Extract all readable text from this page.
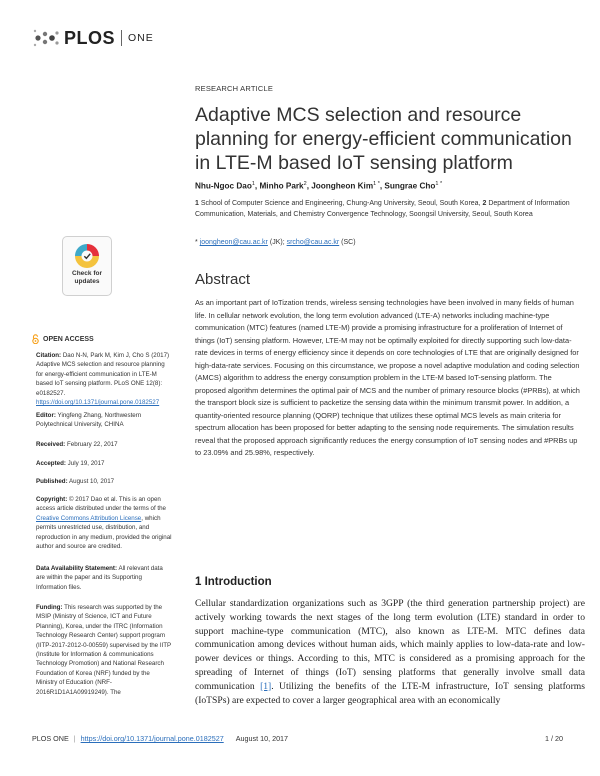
PLOS ONE
RESEARCH ARTICLE
Adaptive MCS selection and resource planning for energy-efficient communication in LTE-M based IoT sensing platform
Nhu-Ngoc Dao$^1$, Minho Park$^2$, Joongheon Kim$^{1 *}$, Sungrae Cho$^{1 *}$
1 School of Computer Science and Engineering, Chung-Ang University, Seoul, South Korea, 2 Department of Information Communication, Materials, and Chemistry Convergence Technology, Soongsil University, Seoul, South Korea
* joongheon@cau.ac.kr (JK); srcho@cau.ac.kr (SC)
Abstract

As an important part of IoTization trends, wireless sensing technologies have been involved in many fields of human life. In cellular network evolution, the long term evolution advanced (LTE-A) networks including machine-type communication (MTC) features (named LTE-M) provide a promising infrastructure for a proliferation of Internet of things (IoT) sensing platform. However, LTE-M may not be optimally exploited for directly supporting such low-data-rate devices in terms of energy efficiency since it depends on core technologies of LTE that are originally designed for high-data-rate services. Focusing on this circumstance, we propose a novel adaptive modulation and coding selection (AMCS) algorithm to address the energy consumption problem in the LTE-M based IoT-sensing platform. The proposed algorithm determines the optimal pair of MCS and the number of primary resource blocks (#PRBs), at which the transport block size is sufficient to packetize the sensing data within the minimum transmit power. In addition, a quantity-oriented resource planning (QORP) technique that utilizes these optimal MCS levels as main criteria for spectrum allocation has been proposed for better adapting to the sensing node requirements. The simulation results reveal that the proposed approach significantly reduces the energy consumption of IoT sensing nodes and #PRBs up to 23.09% and 25.98%, respectively.

Check for updates
OPEN ACCESS

Citation: Dao N-N, Park M, Kim J, Cho S (2017) Adaptive MCS selection and resource planning for energy-efficient communication in LTE-M based IoT sensing platform. PLoS ONE 12(8): e0182527. https://doi.org/10.1371/journal.pone.0182527

Editor: Yingfeng Zhang, Northwestern Polytechnical University, CHINA

Received: February 22, 2017

Accepted: July 19, 2017

Published: August 10, 2017

Copyright: © 2017 Dao et al. This is an open access article distributed under the terms of the Creative Commons Attribution License, which permits unrestricted use, distribution, and reproduction in any medium, provided the original author and source are credited.

Data Availability Statement: All relevant data are within the paper and its Supporting Information files.

Funding: This research was supported by the MSIP (Ministry of Science, ICT and Future Planning), Korea, under the ITRC (Information Technology Research Center) support program (IITP-2017-2012-0-00559) supervised by the IITP (Institute for Information & communications Technology Promotion) and National Research Foundation of Korea (NRF) funded by the Ministry of Education (NRF-2016R1D1A1A09919249). The

1 Introduction

Cellular standardization organizations such as 3GPP (the third generation partnership project) are actively working towards the next stages of the long term evolution (LTE) standard in order to support machine-type communication (MTC), also known as LTE-M. MTC defines data communication among devices without human aids, which mainly applies to low-data-rate and low-power devices or things. According to this, MTC is considered as a promising approach for the spreading of Internet of things (IoT) sensing platforms that generally involve small data communication [1]. Utilizing the benefits of the LTE-M infrastructure, IoT sensing platforms (IoTSPs) are expected to cover a larger geographical area with an economically

PLOS ONE | https://doi.org/10.1371/journal.pone.0182527 August 10, 2017	1 / 20
